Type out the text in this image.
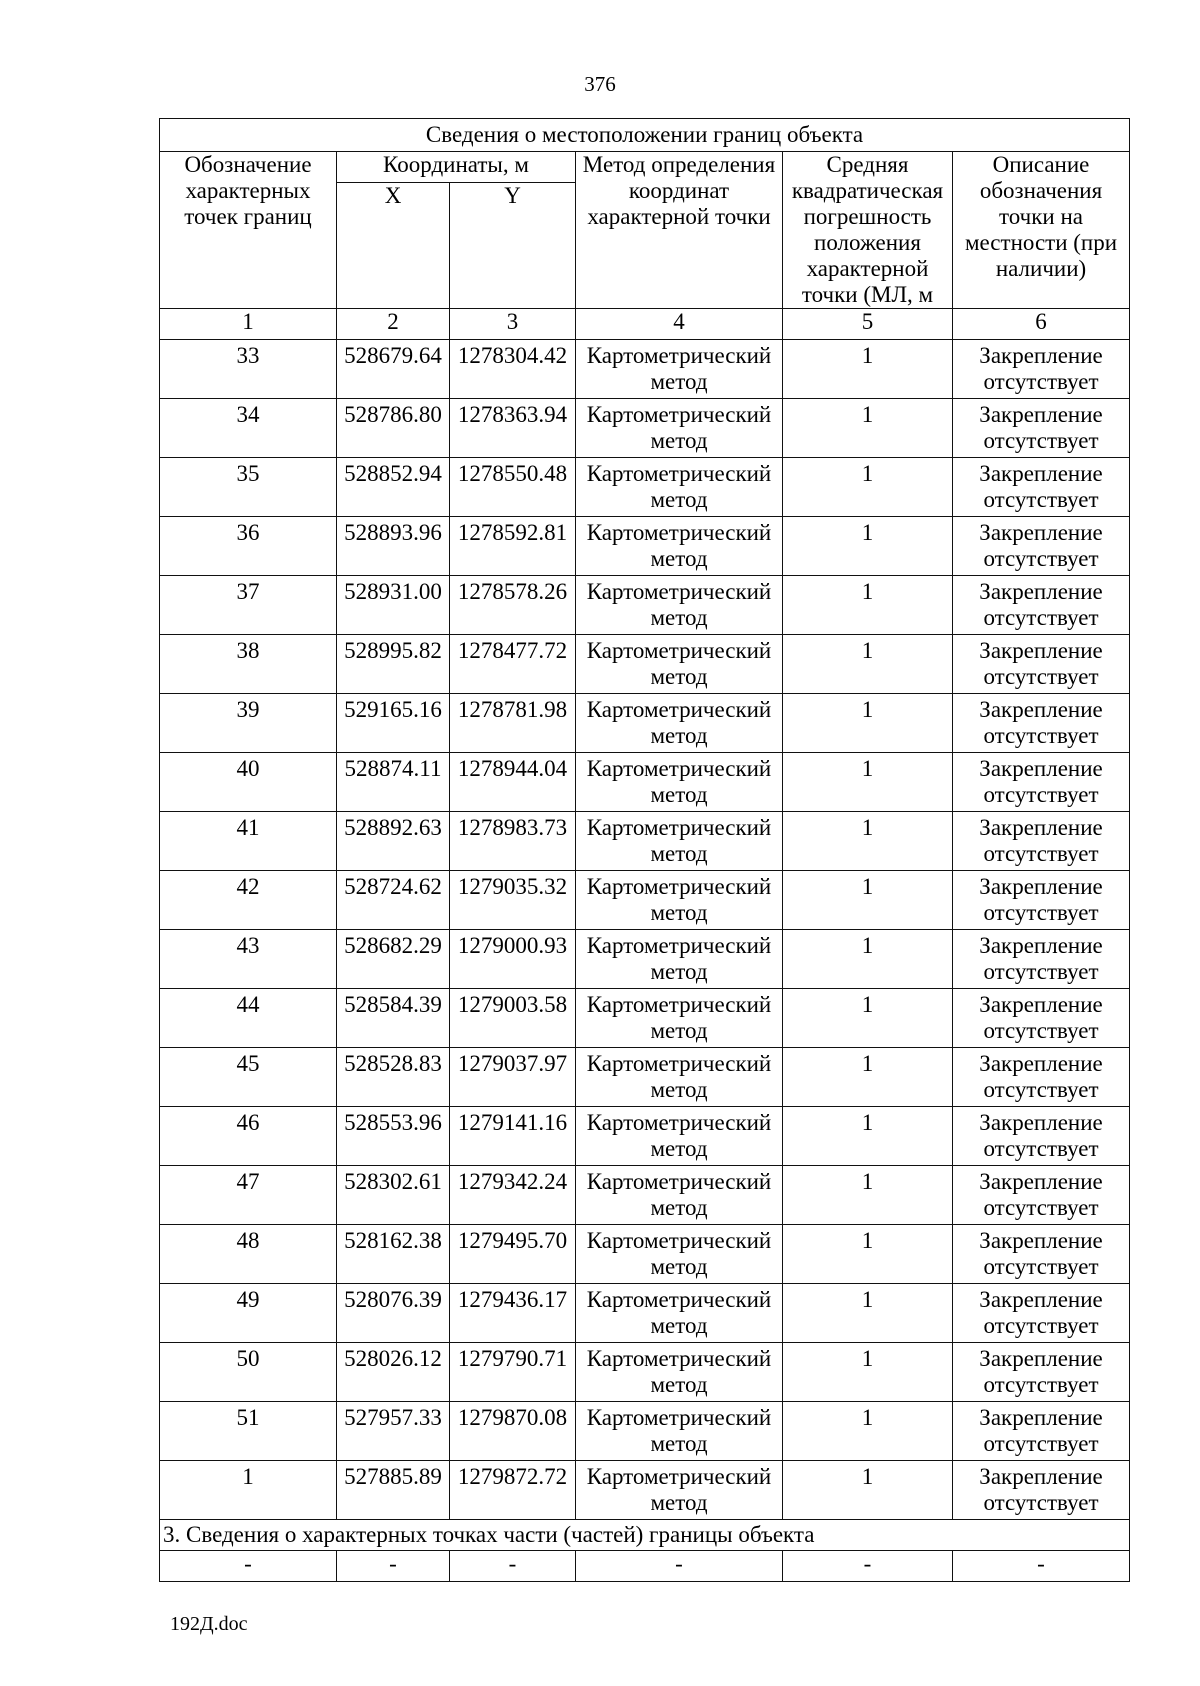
376
Сведения о местоположении границ объекта					
Обозначение характерных точек границ	Координаты, м		Метод определения координат характерной точки	Средняя квадратическая погрешность положения характерной точки (МЛ, м	Описание обозначения точки на местности (при наличии)
	X	Y			
1	2	3	4	5	6
33	528679.64	1278304.42	Картометрический метод	1	Закрепление отсутствует
34	528786.80	1278363.94	Картометрический метод	1	Закрепление отсутствует
35	528852.94	1278550.48	Картометрический метод	1	Закрепление отсутствует
36	528893.96	1278592.81	Картометрический метод	1	Закрепление отсутствует
37	528931.00	1278578.26	Картометрический метод	1	Закрепление отсутствует
38	528995.82	1278477.72	Картометрический метод	1	Закрепление отсутствует
39	529165.16	1278781.98	Картометрический метод	1	Закрепление отсутствует
40	528874.11	1278944.04	Картометрический метод	1	Закрепление отсутствует
41	528892.63	1278983.73	Картометрический метод	1	Закрепление отсутствует
42	528724.62	1279035.32	Картометрический метод	1	Закрепление отсутствует
43	528682.29	1279000.93	Картометрический метод	1	Закрепление отсутствует
44	528584.39	1279003.58	Картометрический метод	1	Закрепление отсутствует
45	528528.83	1279037.97	Картометрический метод	1	Закрепление отсутствует
46	528553.96	1279141.16	Картометрический метод	1	Закрепление отсутствует
47	528302.61	1279342.24	Картометрический метод	1	Закрепление отсутствует
48	528162.38	1279495.70	Картометрический метод	1	Закрепление отсутствует
49	528076.39	1279436.17	Картометрический метод	1	Закрепление отсутствует
50	528026.12	1279790.71	Картометрический метод	1	Закрепление отсутствует
51	527957.33	1279870.08	Картометрический метод	1	Закрепление отсутствует
1	527885.89	1279872.72	Картометрический метод	1	Закрепление отсутствует
3. Сведения о характерных точках части (частей) границы объекта					
-	-	-	-	-	-
192Д.doc
